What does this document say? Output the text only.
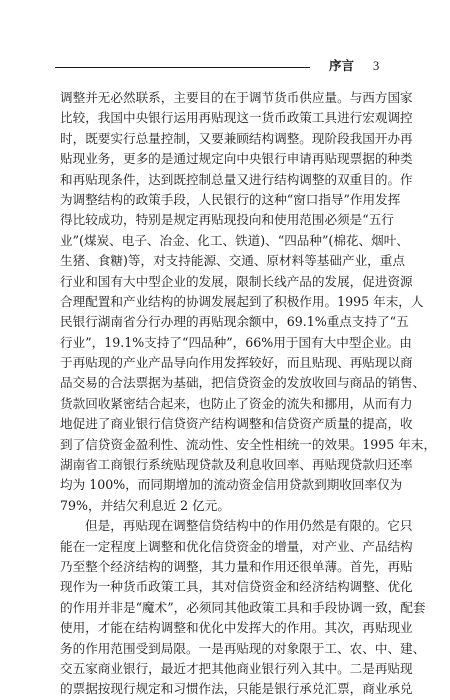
序言 3
调整并无必然联系，主要目的在于调节货币供应量。与西方国家
比较，我国中央银行运用再贴现这一货币政策工具进行宏观调控
时，既要实行总量控制，又要兼顾结构调整。现阶段我国开办再
贴现业务，更多的是通过规定向中央银行申请再贴现票据的种类
和再贴现条件，达到既控制总量又进行结构调整的双重目的。作
为调整结构的政策手段，人民银行的这种“窗口指导”作用发挥
得比较成功，特别是规定再贴现投向和使用范围必须是“五行
业”(煤炭、电子、冶金、化工、铁道)、“四品种”(棉花、烟叶、
生猪、食糖)等，对支持能源、交通、原材料等基础产业，重点
行业和国有大中型企业的发展，限制长线产品的发展，促进资源
合理配置和产业结构的协调发展起到了积极作用。1995 年末，人
民银行湖南省分行办理的再贴现余额中，69.1%重点支持了“五
行业”，19.1%支持了“四品种”，66%用于国有大中型企业。由
于再贴现的产业产品导向作用发挥较好，而且贴现、再贴现以商
品交易的合法票据为基础，把信贷资金的发放收回与商品的销售、
货款回收紧密结合起来，也防止了资金的流失和挪用，从而有力
地促进了商业银行信贷资产结构调整和信贷资产质量的提高，收
到了信贷资金盈利性、流动性、安全性相统一的效果。1995 年末，
湖南省工商银行系统贴现贷款及利息收回率、再贴现贷款归还率
均为 100%，而同期增加的流动资金信用贷款到期收回率仅为
79%，并结欠利息近 2 亿元。
但是，再贴现在调整信贷结构中的作用仍然是有限的。它只
能在一定程度上调整和优化信贷资金的增量，对产业、产品结构
乃至整个经济结构的调整，其力量和作用还很单薄。首先，再贴
现作为一种货币政策工具，其对信贷资金和经济结构调整、优化
的作用并非是“魔术”，必须同其他政策工具和手段协调一致，配套
使用，才能在结构调整和优化中发挥大的作用。其次，再贴现业
务的作用范围受到局限。一是再贴现的对象限于工、农、中、建、
交五家商业银行，最近才把其他商业银行列入其中。二是再贴现
的票据按现行规定和习惯作法，只能是银行承兑汇票，商业承兑
